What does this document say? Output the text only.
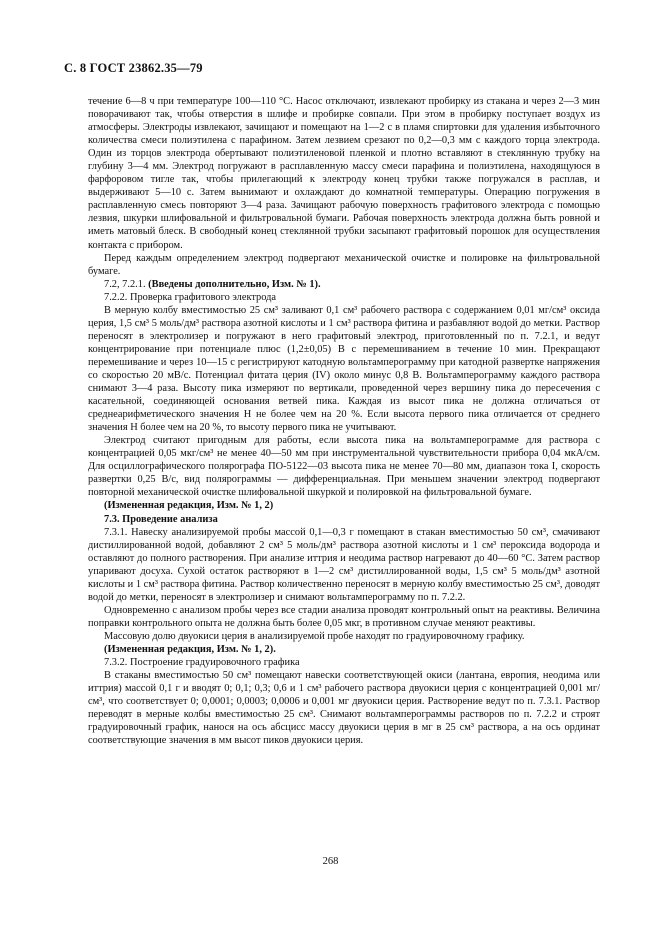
С. 8 ГОСТ 23862.35—79

течение 6—8 ч при температуре 100—110 °С. Насос отключают, извлекают пробирку из стакана и через 2—3 мин поворачивают так, чтобы отверстия в шлифе и пробирке совпали. При этом в пробирку поступает воздух из атмосферы. Электроды извлекают, зачищают и помещают на 1—2 с в пламя спиртовки для удаления избыточного количества смеси полиэтилена с парафином. Затем лезвием срезают по 0,2—0,3 мм с каждого торца электрода. Один из торцов электрода обертывают полиэтиленовой пленкой и плотно вставляют в стеклянную трубку на глубину 3—4 мм. Электрод погружают в расплавленную массу смеси парафина и полиэтилена, находящуюся в фарфоровом тигле так, чтобы прилегающий к электроду конец трубки также погружался в расплав, и выдерживают 5—10 с. Затем вынимают и охлаждают до комнатной температуры. Операцию погружения в расплавленную смесь повторяют 3—4 раза. Зачищают рабочую поверхность графитового электрода с помощью лезвия, шкурки шлифовальной и фильтровальной бумаги. Рабочая поверхность электрода должна быть ровной и иметь матовый блеск. В свободный конец стеклянной трубки засыпают графитовый порошок для осуществления контакта с прибором.

Перед каждым определением электрод подвергают механической очистке и полировке на фильтровальной бумаге.

7.2, 7.2.1. (Введены дополнительно, Изм. № 1).

7.2.2. Проверка графитового электрода

В мерную колбу вместимостью 25 см³ заливают 0,1 см³ рабочего раствора с содержанием 0,01 мг/см³ оксида церия, 1,5 см³ 5 моль/дм³ раствора азотной кислоты и 1 см³ раствора фитина и разбавляют водой до метки. Раствор переносят в электролизер и погружают в него графитовый электрод, приготовленный по п. 7.2.1, и ведут концентрирование при потенциале плюс (1,2±0,05) В с перемешиванием в течение 10 мин. Прекращают перемешивание и через 10—15 с регистрируют катодную вольтамперограмму при катодной развертке напряжения со скоростью 20 мВ/с. Потенциал фитата церия (IV) около минус 0,8 В. Вольтамперограмму каждого раствора снимают 3—4 раза. Высоту пика измеряют по вертикали, проведенной через вершину пика до пересечения с касательной, соединяющей основания ветвей пика. Каждая из высот пика не должна отличаться от среднеарифметического значения H не более чем на 20 %. Если высота первого пика отличается от среднего значения H более чем на 20 %, то высоту первого пика не учитывают.

Электрод считают пригодным для работы, если высота пика на вольтамперограмме для раствора с концентрацией 0,05 мкг/см³ не менее 40—50 мм при инструментальной чувствительности прибора 0,04 мкА/см. Для осциллографического полярографа ПО-5122—03 высота пика не менее 70—80 мм, диапазон тока I, скорость развертки 0,25 В/с, вид полярограммы — дифференциальная. При меньшем значении электрод подвергают повторной механической очистке шлифовальной шкуркой и полировкой на фильтровальной бумаге.

(Измененная редакция, Изм. № 1, 2)

7.3. Проведение анализа

7.3.1. Навеску анализируемой пробы массой 0,1—0,3 г помещают в стакан вместимостью 50 см³, смачивают дистиллированной водой, добавляют 2 см³ 5 моль/дм³ раствора азотной кислоты и 1 см³ пероксида водорода и оставляют до полного растворения. При анализе иттрия и неодима раствор нагревают до 40—60 °С. Затем раствор упаривают досуха. Сухой остаток растворяют в 1—2 см³ дистиллированной воды, 1,5 см³ 5 моль/дм³ азотной кислоты и 1 см³ раствора фитина. Раствор количественно переносят в мерную колбу вместимостью 25 см³, доводят водой до метки, переносят в электролизер и снимают вольтамперограмму по п. 7.2.2.

Одновременно с анализом пробы через все стадии анализа проводят контрольный опыт на реактивы. Величина поправки контрольного опыта не должна быть более 0,05 мкг, в противном случае меняют реактивы.

Массовую долю двуокиси церия в анализируемой пробе находят по градуировочному графику.

(Измененная редакция, Изм. № 1, 2).

7.3.2. Построение градуировочного графика

В стаканы вместимостью 50 см³ помещают навески соответствующей окиси (лантана, европия, неодима или иттрия) массой 0,1 г и вводят 0; 0,1; 0,3; 0,6 и 1 см³ рабочего раствора двуокиси церия с концентрацией 0,001 мг/см³, что соответствует 0; 0,0001; 0,0003; 0,0006 и 0,001 мг двуокиси церия. Растворение ведут по п. 7.3.1. Раствор переводят в мерные колбы вместимостью 25 см³. Снимают вольтамперограммы растворов по п. 7.2.2 и строят градуировочный график, нанося на ось абсцисс массу двуокиси церия в мг в 25 см³ раствора, а на ось ординат соответствующие значения в мм высот пиков двуокиси церия.

268
